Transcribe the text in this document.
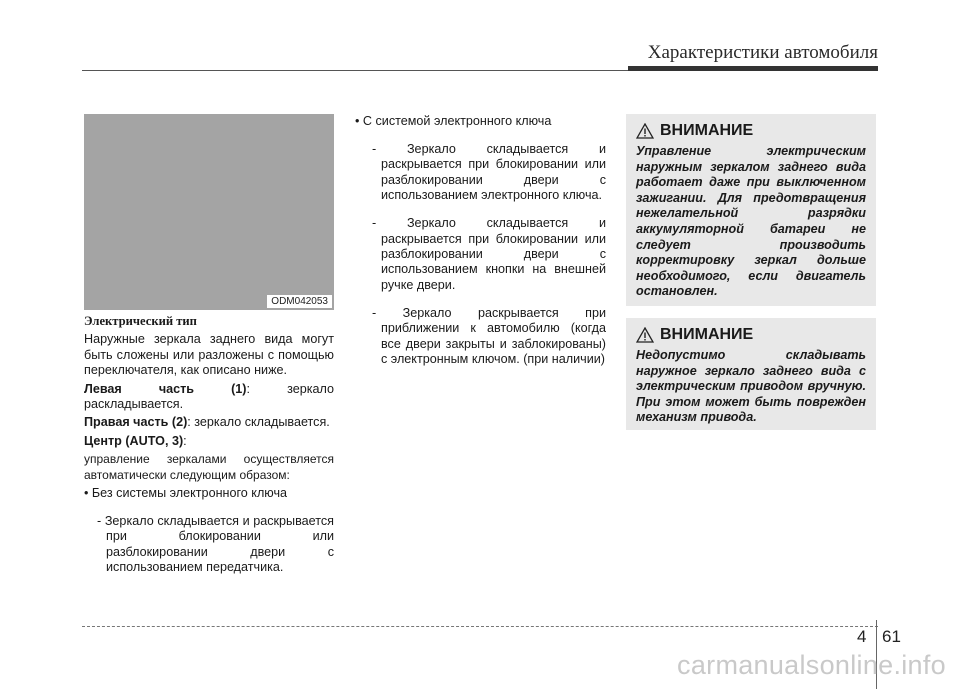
Характеристики автомобиля
ODM042053
Электрический тип

Наружные зеркала заднего вида могут быть сложены или разложены с помощью переключателя, как описано ниже.

Левая часть (1): зеркало раскладывается.

Правая часть (2): зеркало складывается.

Центр (AUTO, 3):

управление зеркалами осуществляется автоматически следующим образом:

• Без системы электронного ключа

- Зеркало складывается и раскрывается при блокировании или разблокировании двери с использованием передатчика.

• С системой электронного ключа

- Зеркало складывается и раскрывается при блокировании или разблокировании двери с использованием электронного ключа.

- Зеркало складывается и раскрывается при блокировании или разблокировании двери с использованием кнопки на внешней ручке двери.

- Зеркало раскрывается при приближении к автомобилю (когда все двери закрыты и заблокированы) с электронным ключом. (при наличии)

ВНИМАНИЕ
Управление электрическим наружным зеркалом заднего вида работает даже при выключенном зажигании. Для предотвращения нежелательной разрядки аккумуляторной батареи не следует производить корректировку зеркал дольше необходимого, если двигатель остановлен.
ВНИМАНИЕ
Недопустимо складывать наружное зеркало заднего вида с электрическим приводом вручную. При этом может быть поврежден механизм привода.
4 61
carmanualsonline.info
